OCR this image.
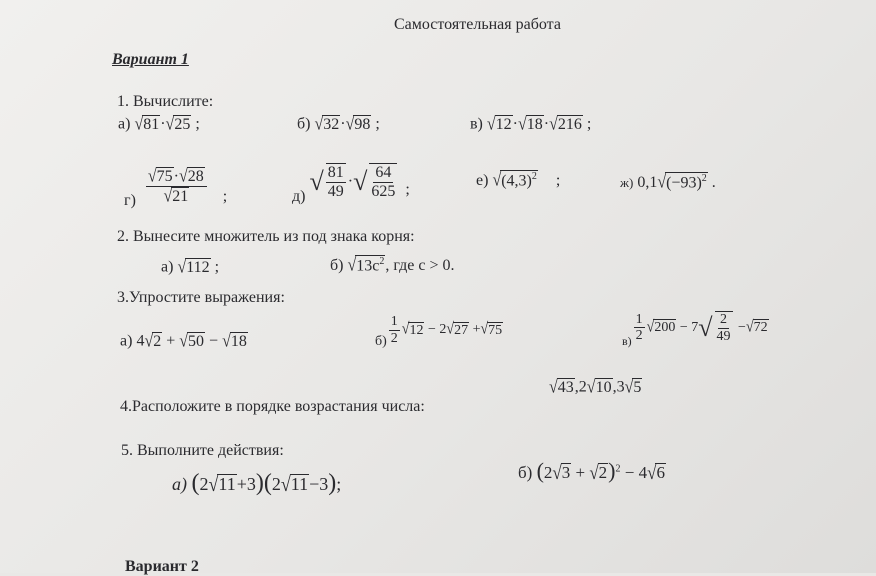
Самостоятельная работа
Вариант 1
1. Вычислите:
а) √ 81 · √ 25 ;	б) √ 32 · √ 98 ;	в) √ 12 · √ 18 · √ 216 ;
$г) \frac{√ 75 \cdot √ 28}{√ 21}$ ;	д)
√ $\frac{81}{49}$ · √ $\frac{64}{625}$ ;
е) √ $(4,3)^2$ ;	ж) 0,1 √ $(-93)^2$ .
2. Вынесите множитель из под знака корня:
а) √ 112 ;	б) √ $13c^2$ , где c > 0.
3.Упростите выражения:
а) 4 √ 2 + √ 50 − √ 18	$б) \frac{1}{2}$ √ 12 − 2 √ 27 + √ 75
$в) \frac{1}{2}$ √ 200 − 7 √ $\frac{2}{49}$ − √ 72
4.Расположите в порядке возрастания числа:
√ 43 ,2 √ 10 ,3 √ 5
5. Выполните действия:
а) (2 √ 11 +3)(2 √ 11 −3);
б) (2 √ 3 + √ 2 )$^2$ − 4 √ 6
Вариант 2
